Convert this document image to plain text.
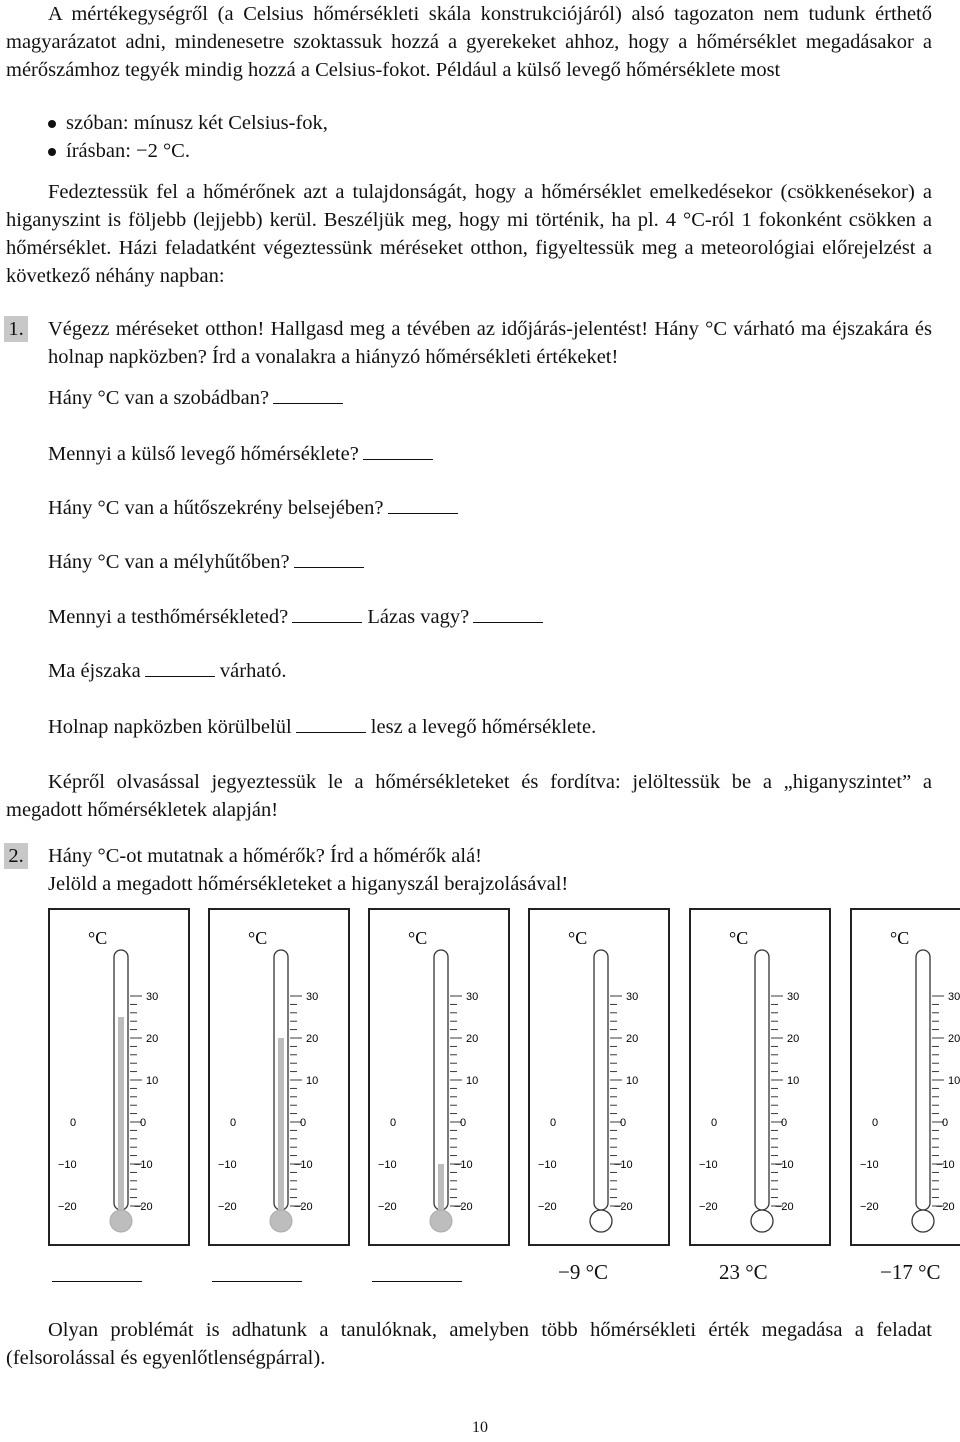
A mértékegységről (a Celsius hőmérsékleti skála konstrukciójáról) alsó tagozaton nem tudunk érthető magyarázatot adni, mindenesetre szoktassuk hozzá a gyerekeket ahhoz, hogy a hőmérséklet megadásakor a mérőszámhoz tegyék mindig hozzá a Celsius-fokot. Például a külső levegő hőmérséklete most

szóban: mínusz két Celsius-fok,
írásban: −2 °C.

Fedeztessük fel a hőmérőnek azt a tulajdonságát, hogy a hőmérséklet emelkedésekor (csökkenésekor) a higanyszint is följebb (lejjebb) kerül. Beszéljük meg, hogy mi történik, ha pl. 4 °C-ról 1 fokonként csökken a hőmérséklet. Házi feladatként végeztessünk méréseket otthon, figyeltessük meg a meteorológiai előrejelzést a következő néhány napban:

1. Végezz méréseket otthon! Hallgasd meg a tévében az időjárás-jelentést! Hány °C várható ma éjszakára és holnap napközben? Írd a vonalakra a hiányzó hőmérsékleti értékeket!

Hány °C van a szobádban?
Mennyi a külső levegő hőmérséklete?
Hány °C van a hűtőszekrény belsejében?
Hány °C van a mélyhűtőben?
Mennyi a testhőmérsékleted?	Lázas vagy?
Ma éjszaka	várható.
Holnap napközben körülbelül	lesz a levegő hőmérséklete.

Képről olvasással jegyeztessük le a hőmérsékleteket és fordítva: jelöltessük be a „higanyszintet” a megadott hőmérsékletek alapján!

2. Hány °C-ot mutatnak a hőmérők? Írd a hőmérők alá!
Jelöld a megadott hőmérsékleteket a higanyszál berajzolásával!
°C
30
20
10
0	0
−10	−10
−20	−20
°C
30
20
10
0	0
−10	−10
−20	−20
°C
30
20
10
0	0
−10	−10
−20	−20
°C
30
20
10
0	0
−10	−10
−20	−20
−9 °C
°C
30
20
10
0	0
−10	−10
−20	−20
23 °C
°C
30
20
10
0	0
−10	−10
−20	−20
−17 °C

Olyan problémát is adhatunk a tanulóknak, amelyben több hőmérsékleti érték megadása a feladat (felsorolással és egyenlőtlenségpárral).

10
